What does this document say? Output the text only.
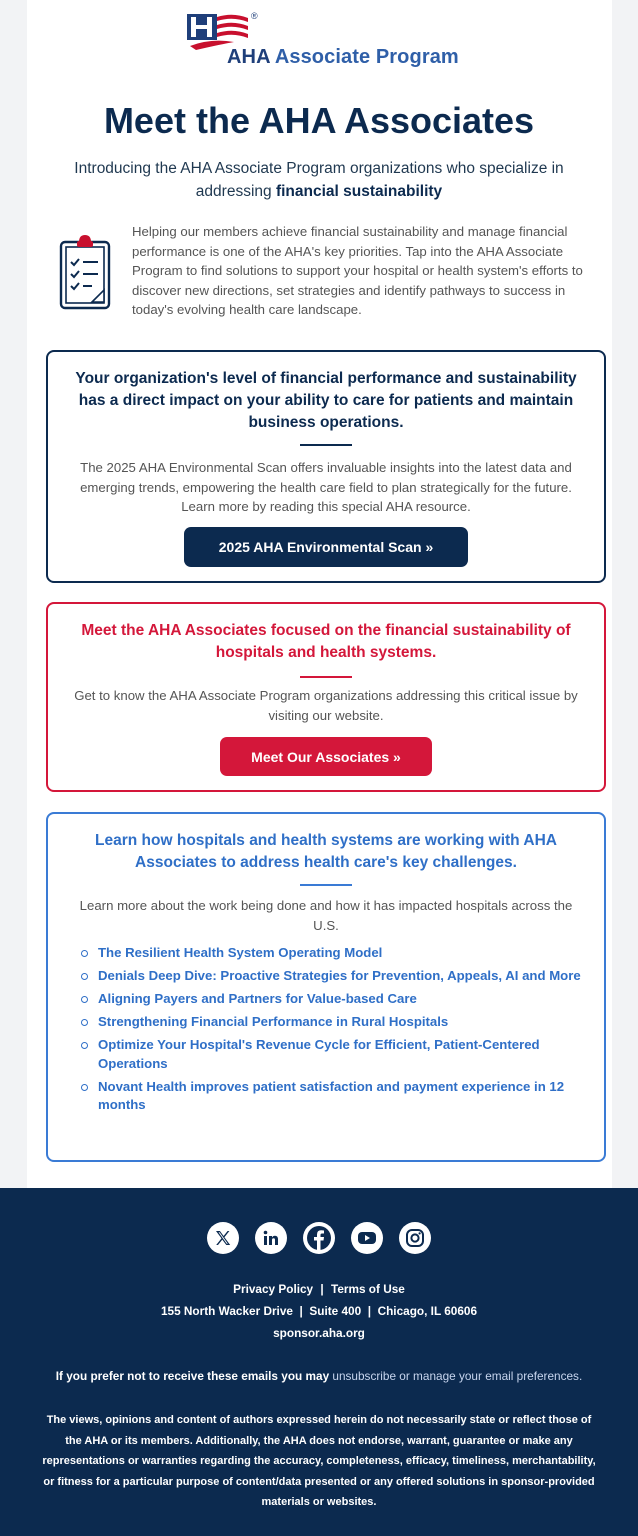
®
AHA Associate Program
Meet the AHA Associates
Introducing the AHA Associate Program organizations who specialize in addressing financial sustainability
Helping our members achieve financial sustainability and manage financial performance is one of the AHA's key priorities. Tap into the AHA Associate Program to find solutions to support your hospital or health system's efforts to discover new directions, set strategies and identify pathways to success in today's evolving health care landscape.
Your organization's level of financial performance and sustainability has a direct impact on your ability to care for patients and maintain business operations.
The 2025 AHA Environmental Scan offers invaluable insights into the latest data and emerging trends, empowering the health care field to plan strategically for the future. Learn more by reading this special AHA resource.
2025 AHA Environmental Scan »
Meet the AHA Associates focused on the financial sustainability of hospitals and health systems.
Get to know the AHA Associate Program organizations addressing this critical issue by visiting our website.
Meet Our Associates »
Learn how hospitals and health systems are working with AHA Associates to address health care's key challenges.
Learn more about the work being done and how it has impacted hospitals across the U.S.
The Resilient Health System Operating Model
Denials Deep Dive: Proactive Strategies for Prevention, Appeals, AI and More
Aligning Payers and Partners for Value-based Care
Strengthening Financial Performance in Rural Hospitals
Optimize Your Hospital's Revenue Cycle for Efficient, Patient-Centered Operations
Novant Health improves patient satisfaction and payment experience in 12 months
Privacy Policy | Terms of Use
155 North Wacker Drive  |  Suite 400  |  Chicago, IL 60606
sponsor.aha.org
If you prefer not to receive these emails you may unsubscribe or manage your email preferences.
The views, opinions and content of authors expressed herein do not necessarily state or reflect those of the AHA or its members. Additionally, the AHA does not endorse, warrant, guarantee or make any representations or warranties regarding the accuracy, completeness, efficacy, timeliness, merchantability, or fitness for a particular purpose of content/data presented or any offered solutions in sponsor-provided materials or websites.
